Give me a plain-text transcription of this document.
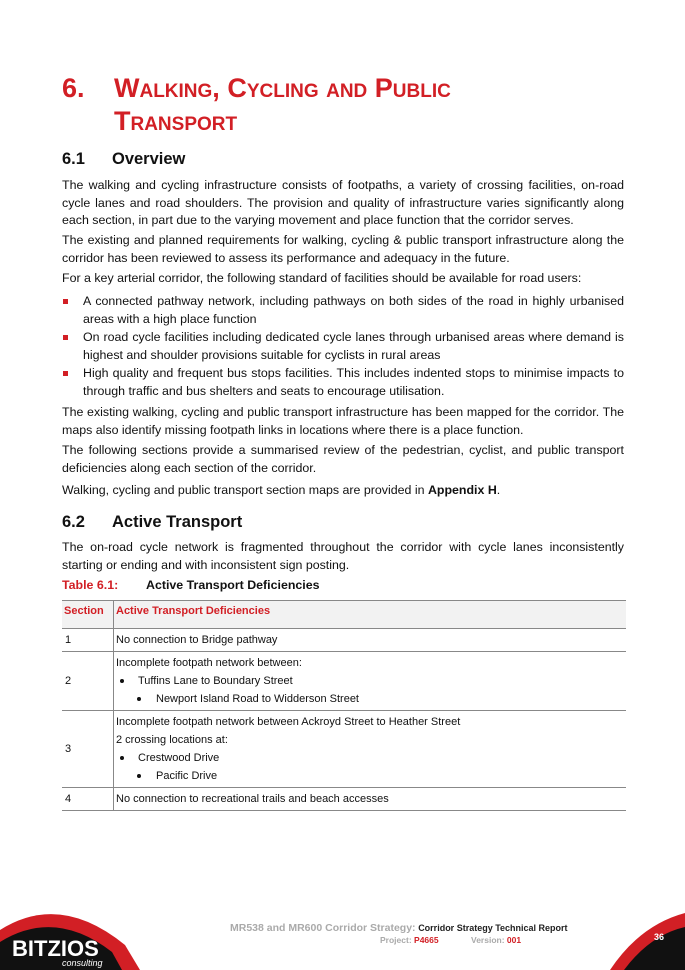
6. Walking, Cycling and Public
Transport
6.1 Overview
The walking and cycling infrastructure consists of footpaths, a variety of crossing facilities, on-road cycle lanes and road shoulders. The provision and quality of infrastructure varies significantly along each section, in part due to the varying movement and place function that the corridor serves.
The existing and planned requirements for walking, cycling & public transport infrastructure along the corridor has been reviewed to assess its performance and adequacy in the future.
For a key arterial corridor, the following standard of facilities should be available for road users:
A connected pathway network, including pathways on both sides of the road in highly urbanised areas with a high place function
On road cycle facilities including dedicated cycle lanes through urbanised areas where demand is highest and shoulder provisions suitable for cyclists in rural areas
High quality and frequent bus stops facilities. This includes indented stops to minimise impacts to through traffic and bus shelters and seats to encourage utilisation.
The existing walking, cycling and public transport infrastructure has been mapped for the corridor. The maps also identify missing footpath links in locations where there is a place function.
The following sections provide a summarised review of the pedestrian, cyclist, and public transport deficiencies along each section of the corridor.
Walking, cycling and public transport section maps are provided in Appendix H.
6.2 Active Transport
The on-road cycle network is fragmented throughout the corridor with cycle lanes inconsistently starting or ending and with inconsistent sign posting.
Table 6.1: Active Transport Deficiencies
Section	Active Transport Deficiencies
1	No connection to Bridge pathway

2	Incomplete footpath network between:
Tuffins Lane to Boundary Street
Newport Island Road to Widderson Street

3	Incomplete footpath network between Ackroyd Street to Heather Street
2 crossing locations at:
Crestwood Drive
Pacific Drive

4	No connection to recreational trails and beach accesses
BITZIOS
consulting
MR538 and MR600 Corridor Strategy: Corridor Strategy Technical Report
Project: P4665	Version: 001	36
